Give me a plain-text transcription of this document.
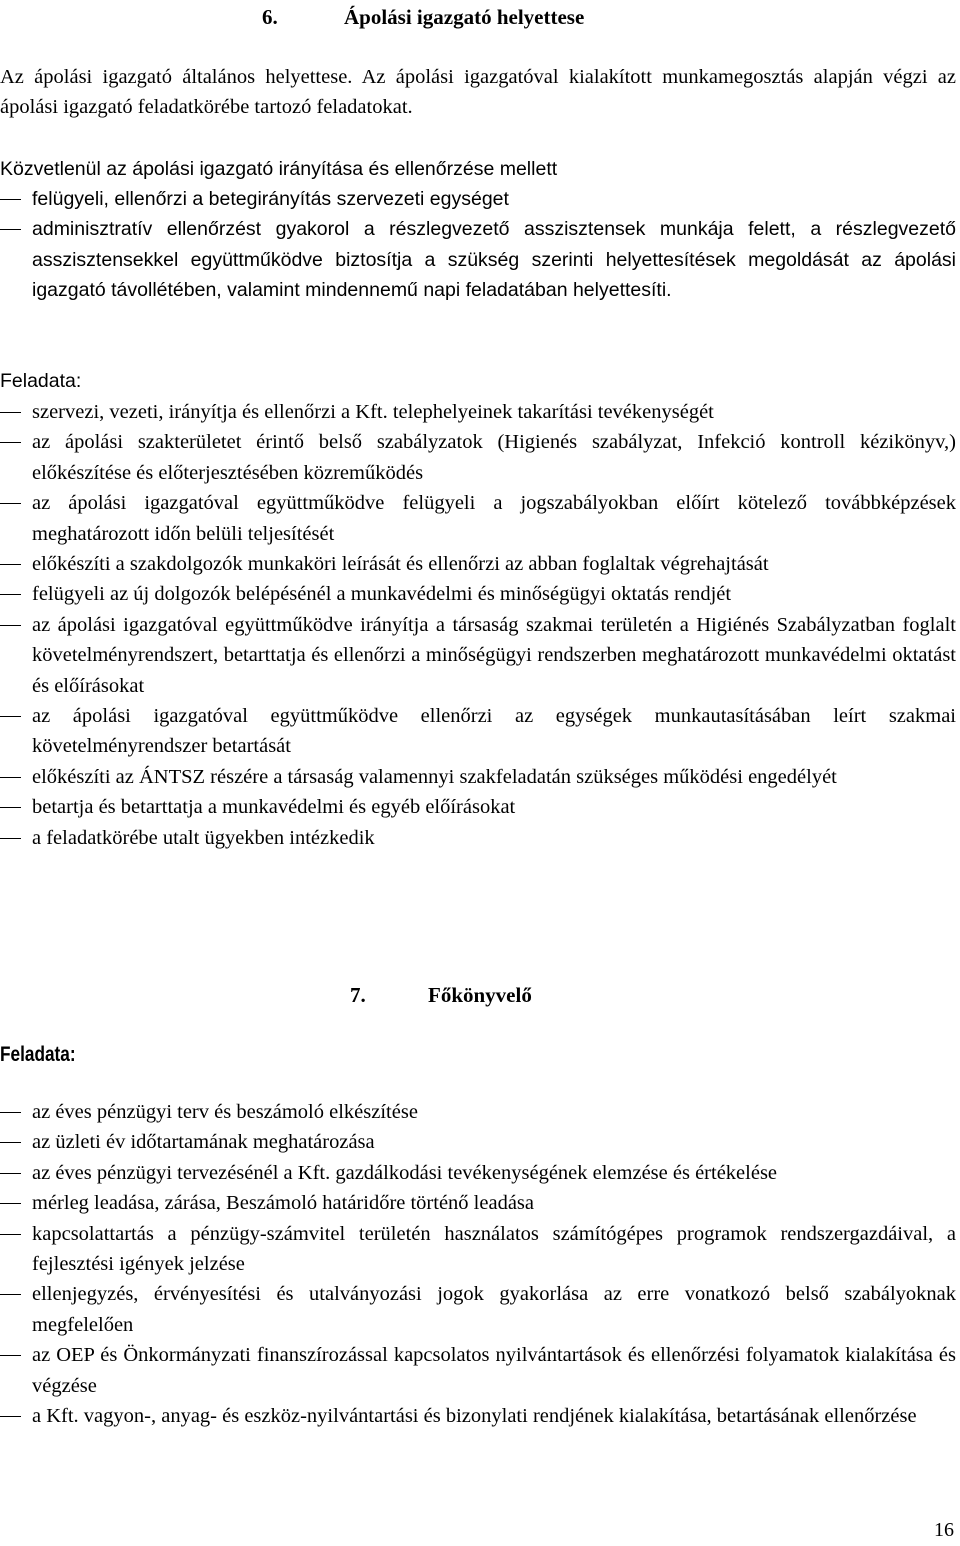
6.	Ápolási igazgató helyettese
Az ápolási igazgató általános helyettese. Az ápolási igazgatóval kialakított munkamegosztás alapján végzi az ápolási igazgató feladatkörébe tartozó feladatokat.
Közvetlenül az ápolási igazgató irányítása és ellenőrzése mellett
felügyeli, ellenőrzi a betegirányítás szervezeti egységet
adminisztratív ellenőrzést gyakorol a részlegvezető asszisztensek munkája felett, a részlegvezető asszisztensekkel együttműködve biztosítja a szükség szerinti helyettesítések megoldását az ápolási igazgató távollétében, valamint mindennemű napi feladatában helyettesíti.
Feladata:
szervezi, vezeti, irányítja és ellenőrzi a Kft. telephelyeinek takarítási tevékenységét
az ápolási szakterületet érintő belső szabályzatok (Higienés szabályzat, Infekció kontroll kézikönyv,) előkészítése és előterjesztésében közreműködés
az ápolási igazgatóval együttműködve felügyeli a jogszabályokban előírt kötelező továbbképzések meghatározott időn belüli teljesítését
előkészíti a szakdolgozók munkaköri leírását és ellenőrzi az abban foglaltak végrehajtását
felügyeli az új dolgozók belépésénél a munkavédelmi és minőségügyi oktatás rendjét
az ápolási igazgatóval együttműködve irányítja a társaság szakmai területén a Higiénés Szabályzatban foglalt követelményrendszert, betarttatja és ellenőrzi a minőségügyi rendszerben meghatározott munkavédelmi oktatást és előírásokat
az ápolási igazgatóval együttműködve ellenőrzi az egységek munkautasításában leírt szakmai követelményrendszer betartását
előkészíti az ÁNTSZ részére a társaság valamennyi szakfeladatán szükséges működési engedélyét
betartja és betarttatja a munkavédelmi és egyéb előírásokat
a feladatkörébe utalt ügyekben intézkedik
7.	Főkönyvelő
Feladata:
az éves pénzügyi terv és beszámoló elkészítése
az üzleti év időtartamának meghatározása
az éves pénzügyi tervezésénél a Kft. gazdálkodási tevékenységének elemzése és értékelése
mérleg leadása, zárása, Beszámoló határidőre történő leadása
kapcsolattartás a pénzügy-számvitel területén használatos számítógépes programok rendszergazdáival, a fejlesztési igények jelzése
ellenjegyzés, érvényesítési és utalványozási jogok gyakorlása az erre vonatkozó belső szabályoknak megfelelően
az OEP és Önkormányzati finanszírozással kapcsolatos nyilvántartások és ellenőrzési folyamatok kialakítása és végzése
a Kft. vagyon-, anyag- és eszköz-nyilvántartási és bizonylati rendjének kialakítása, betartásának ellenőrzése
16
